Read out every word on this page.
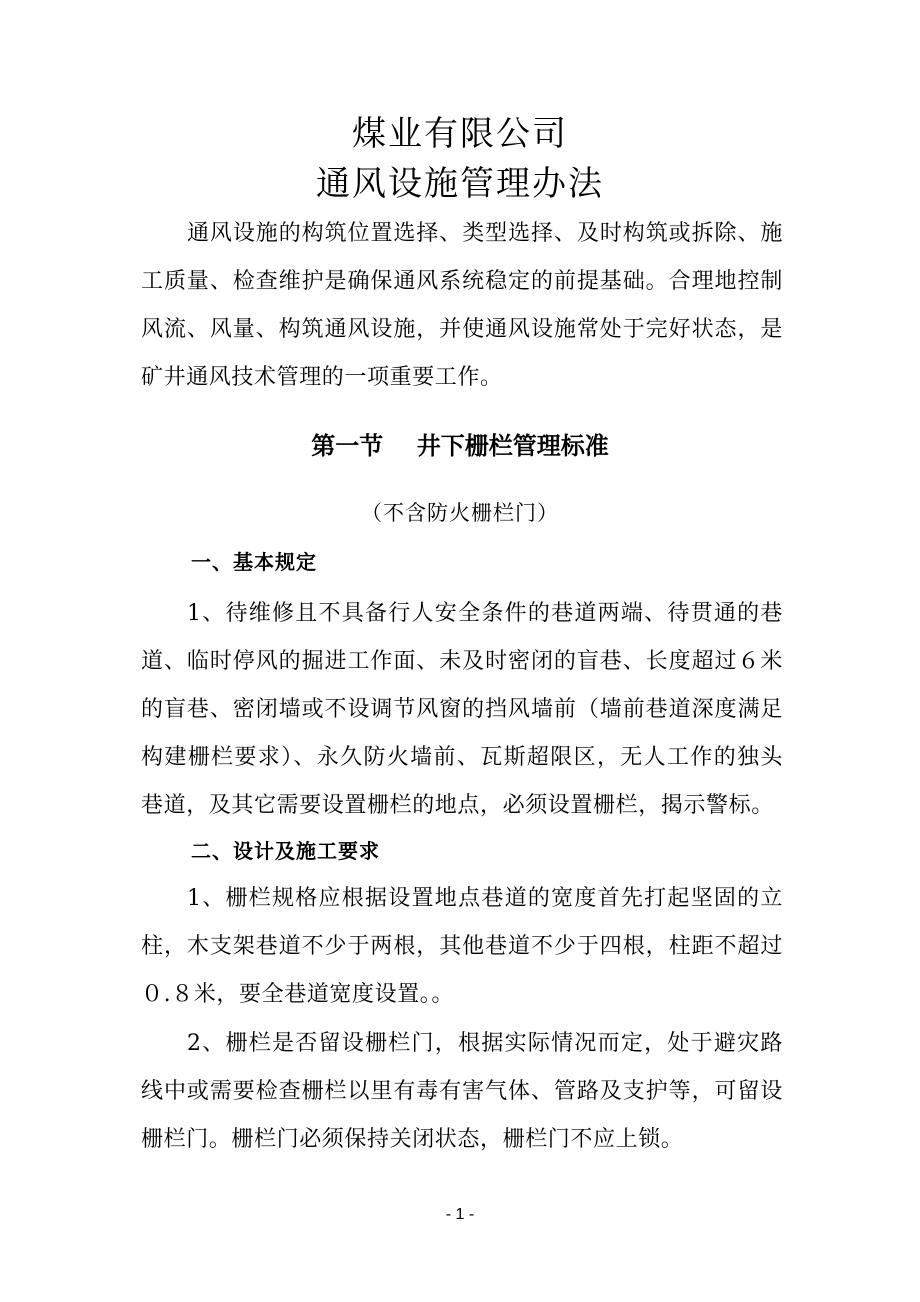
煤业有限公司
通风设施管理办法
通风设施的构筑位置选择、类型选择、及时构筑或拆除、施工质量、检查维护是确保通风系统稳定的前提基础。合理地控制风流、风量、构筑通风设施，并使通风设施常处于完好状态，是矿井通风技术管理的一项重要工作。
第一节    井下栅栏管理标准
（不含防火栅栏门）
一、基本规定
1、待维修且不具备行人安全条件的巷道两端、待贯通的巷道、临时停风的掘进工作面、未及时密闭的盲巷、长度超过６米的盲巷、密闭墙或不设调节风窗的挡风墙前（墙前巷道深度满足构建栅栏要求）、永久防火墙前、瓦斯超限区，无人工作的独头巷道，及其它需要设置栅栏的地点，必须设置栅栏，揭示警标。
二、设计及施工要求
1、栅栏规格应根据设置地点巷道的宽度首先打起坚固的立柱，木支架巷道不少于两根，其他巷道不少于四根，柱距不超过０.８米，要全巷道宽度设置。。
2、栅栏是否留设栅栏门，根据实际情况而定，处于避灾路线中或需要检查栅栏以里有毒有害气体、管路及支护等，可留设栅栏门。栅栏门必须保持关闭状态，栅栏门不应上锁。
- 1 -
